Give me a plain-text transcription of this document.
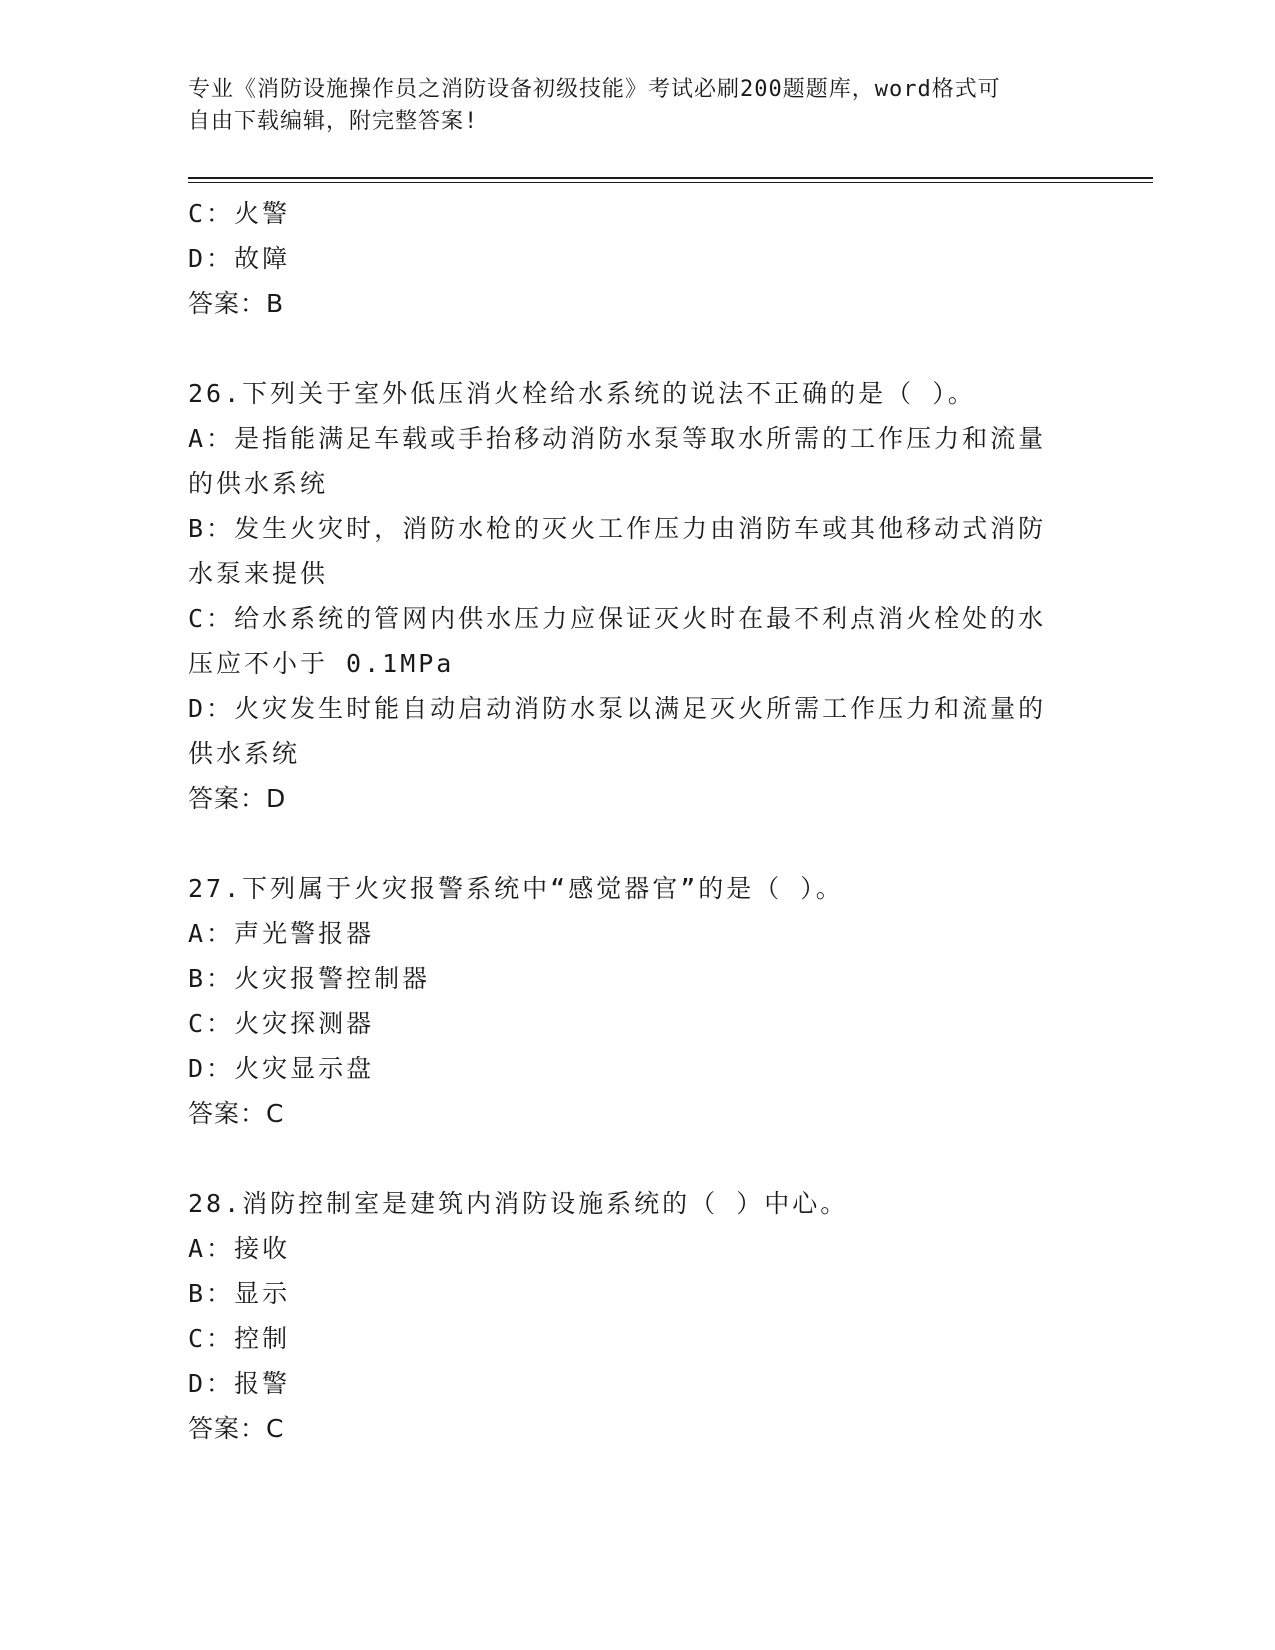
专业《消防设施操作员之消防设备初级技能》考试必刷200题题库，word格式可
自由下载编辑，附完整答案!
C：火警
D：故障
答案：B
26.下列关于室外低压消火栓给水系统的说法不正确的是（ ）。
A：是指能满足车载或手抬移动消防水泵等取水所需的工作压力和流量
的供水系统
B：发生火灾时，消防水枪的灭火工作压力由消防车或其他移动式消防
水泵来提供
C：给水系统的管网内供水压力应保证灭火时在最不利点消火栓处的水
压应不小于 0.1MPa
D：火灾发生时能自动启动消防水泵以满足灭火所需工作压力和流量的
供水系统
答案：D
27.下列属于火灾报警系统中“感觉器官”的是（ ）。
A：声光警报器
B：火灾报警控制器
C：火灾探测器
D：火灾显示盘
答案：C
28.消防控制室是建筑内消防设施系统的（ ）中心。
A：接收
B：显示
C：控制
D：报警
答案：C
